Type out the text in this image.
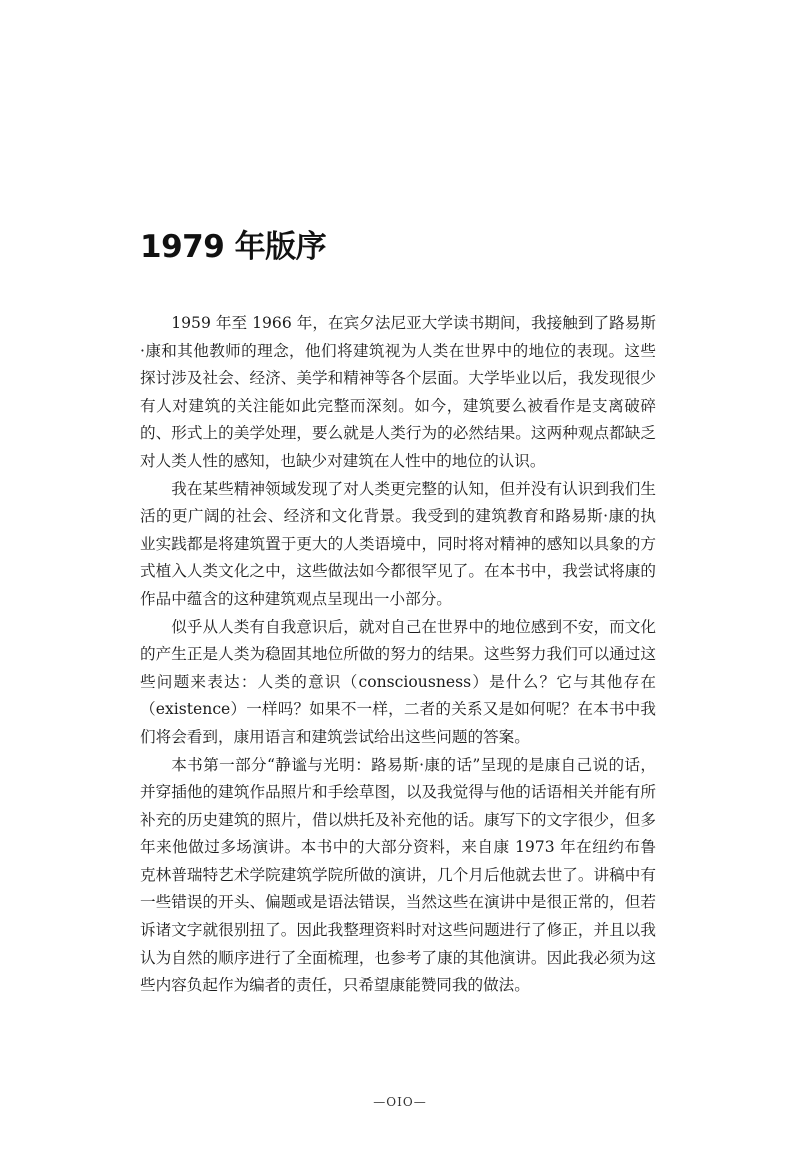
1979 年版序

1959 年至 1966 年，在宾夕法尼亚大学读书期间，我接触到了路易斯·康和其他教师的理念，他们将建筑视为人类在世界中的地位的表现。这些探讨涉及社会、经济、美学和精神等各个层面。大学毕业以后，我发现很少有人对建筑的关注能如此完整而深刻。如今，建筑要么被看作是支离破碎的、形式上的美学处理，要么就是人类行为的必然结果。这两种观点都缺乏对人类人性的感知，也缺少对建筑在人性中的地位的认识。

我在某些精神领域发现了对人类更完整的认知，但并没有认识到我们生活的更广阔的社会、经济和文化背景。我受到的建筑教育和路易斯·康的执业实践都是将建筑置于更大的人类语境中，同时将对精神的感知以具象的方式植入人类文化之中，这些做法如今都很罕见了。在本书中，我尝试将康的作品中蕴含的这种建筑观点呈现出一小部分。

似乎从人类有自我意识后，就对自己在世界中的地位感到不安，而文化的产生正是人类为稳固其地位所做的努力的结果。这些努力我们可以通过这些问题来表达：人类的意识（consciousness）是什么？它与其他存在（existence）一样吗？如果不一样，二者的关系又是如何呢？在本书中我们将会看到，康用语言和建筑尝试给出这些问题的答案。

本书第一部分“静谧与光明：路易斯·康的话”呈现的是康自己说的话，并穿插他的建筑作品照片和手绘草图，以及我觉得与他的话语相关并能有所补充的历史建筑的照片，借以烘托及补充他的话。康写下的文字很少，但多年来他做过多场演讲。本书中的大部分资料，来自康 1973 年在纽约布鲁克林普瑞特艺术学院建筑学院所做的演讲，几个月后他就去世了。讲稿中有一些错误的开头、偏题或是语法错误，当然这些在演讲中是很正常的，但若诉诸文字就很别扭了。因此我整理资料时对这些问题进行了修正，并且以我认为自然的顺序进行了全面梳理，也参考了康的其他演讲。因此我必须为这些内容负起作为编者的责任，只希望康能赞同我的做法。

—OIO—
